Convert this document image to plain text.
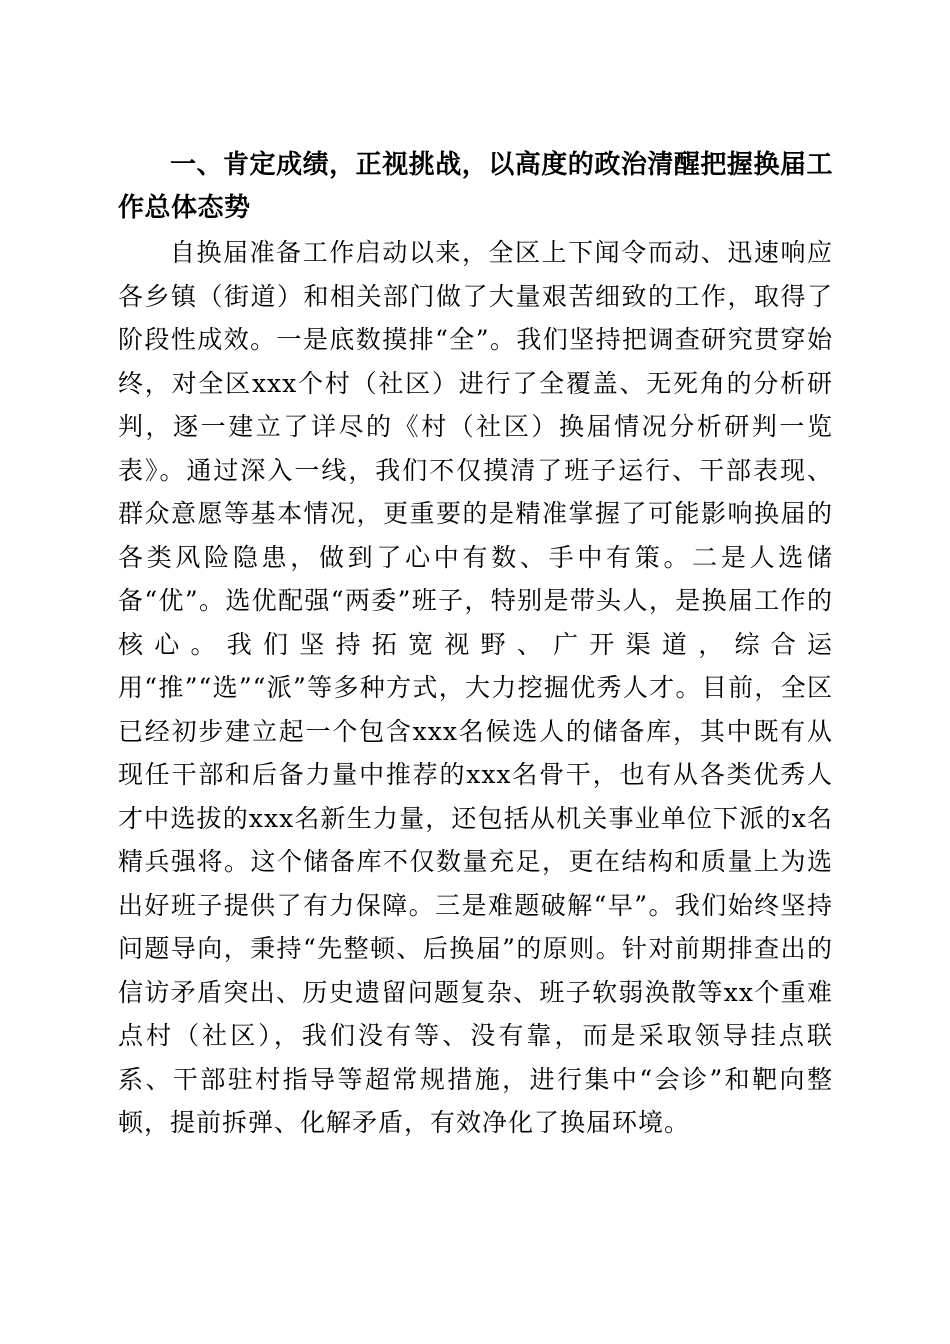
一、肯定成绩，正视挑战，以高度的政治清醒把握换届工作总体态势

自换届准备工作启动以来，全区上下闻令而动、迅速响应各乡镇（街道）和相关部门做了大量艰苦细致的工作，取得了阶段性成效。一是底数摸排“全”。我们坚持把调查研究贯穿始终，对全区xxx个村（社区）进行了全覆盖、无死角的分析研判，逐一建立了详尽的《村（社区）换届情况分析研判一览表》。通过深入一线，我们不仅摸清了班子运行、干部表现、群众意愿等基本情况，更重要的是精准掌握了可能影响换届的各类风险隐患，做到了心中有数、手中有策。二是人选储备“优”。选优配强“两委”班子，特别是带头人，是换届工作的核心。我们坚持拓宽视野、广开渠道，综合运用“推”“选”“派”等多种方式，大力挖掘优秀人才。目前，全区已经初步建立起一个包含xxx名候选人的储备库，其中既有从现任干部和后备力量中推荐的xxx名骨干，也有从各类优秀人才中选拔的xxx名新生力量，还包括从机关事业单位下派的x名精兵强将。这个储备库不仅数量充足，更在结构和质量上为选出好班子提供了有力保障。三是难题破解“早”。我们始终坚持问题导向，秉持“先整顿、后换届”的原则。针对前期排查出的信访矛盾突出、历史遗留问题复杂、班子软弱涣散等xx个重难点村（社区），我们没有等、没有靠，而是采取领导挂点联系、干部驻村指导等超常规措施，进行集中“会诊”和靶向整顿，提前拆弹、化解矛盾，有效净化了换届环境。
